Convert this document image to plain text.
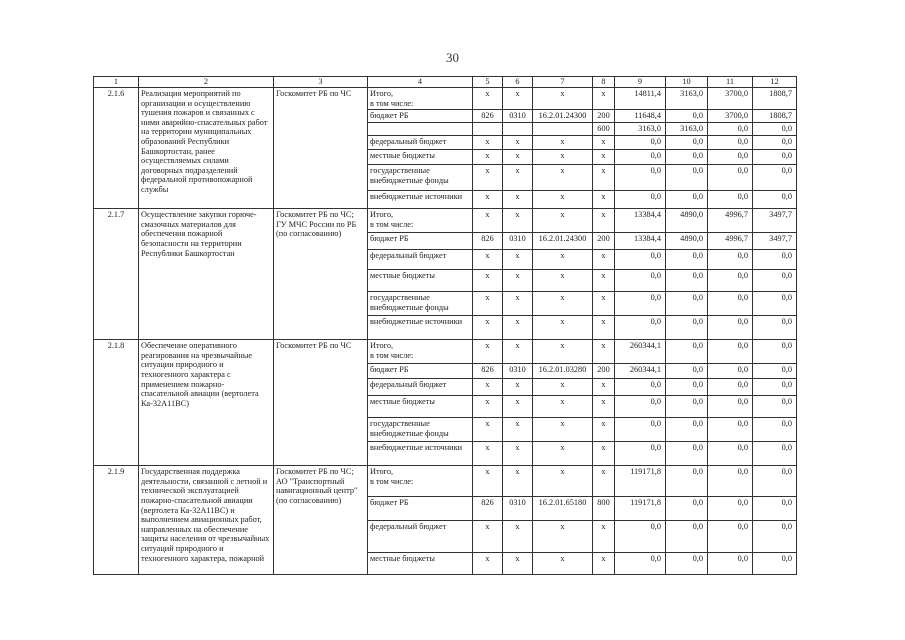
30
1	2	3	4	5	6	7	8	9	10	11	12
2.1.6	Реализация мероприятий по организации и осуществлению тушения пожаров и связанных с ними аварийно-спасательных работ на территории муниципальных образований Республики Башкортостан, ранее осуществляемых силами договорных подразделений федеральной противопожарной службы	Госкомитет РБ по ЧС	Итого,
в том числе:	х	х	х	х	14811,4	3163,0	3700,0	1808,7
			бюджет РБ	826	0310	16.2.01.24300	200	11648,4	0,0	3700,0	1808,7
							600	3163,0	3163,0	0,0	0,0
			федеральный бюджет	х	х	х	х	0,0	0,0	0,0	0,0
			местные бюджеты	х	х	х	х	0,0	0,0	0,0	0,0
			государственные внебюджетные фонды	х	х	х	х	0,0	0,0	0,0	0,0
			внебюджетные источники	х	х	х	х	0,0	0,0	0,0	0,0
2.1.7	Осуществление закупки горюче-смазочных материалов для обеспечения пожарной безопасности на территории Республики Башкортостан	Госкомитет РБ по ЧС; ГУ МЧС России по РБ (по согласованию)	Итого,
в том числе:	х	х	х	х	13384,4	4890,0	4996,7	3497,7
			бюджет РБ	826	0310	16.2.01.24300	200	13384,4	4890,0	4996,7	3497,7
			федеральный бюджет	х	х	х	х	0,0	0,0	0,0	0,0
			местные бюджеты	х	х	х	х	0,0	0,0	0,0	0,0
			государственные внебюджетные фонды	х	х	х	х	0,0	0,0	0,0	0,0
			внебюджетные источники	х	х	х	х	0,0	0,0	0,0	0,0
2.1.8	Обеспечение оперативного реагирования на чрезвычайные ситуации природного и техногенного характера с применением пожарно-спасательной авиации (вертолета Ка-32А11ВС)	Госкомитет РБ по ЧС	Итого,
в том числе:	х	х	х	х	260344,1	0,0	0,0	0,0
			бюджет РБ	826	0310	16.2.01.03280	200	260344,1	0,0	0,0	0,0
			федеральный бюджет	х	х	х	х	0,0	0,0	0,0	0,0
			местные бюджеты	х	х	х	х	0,0	0,0	0,0	0,0
			государственные внебюджетные фонды	х	х	х	х	0,0	0,0	0,0	0,0
			внебюджетные источники	х	х	х	х	0,0	0,0	0,0	0,0
2.1.9	Государственная поддержка деятельности, связанной с летной и технической эксплуатацией пожарно-спасательной авиации (вертолета Ка-32А11ВС) и выполнением авиационных работ, направленных на обеспечение защиты населения от чрезвычайных ситуаций природного и техногенного характера, пожарной	Госкомитет РБ по ЧС; АО "Транспортный навигационный центр" (по согласованию)	Итого,
в том числе:	х	х	х	х	119171,8	0,0	0,0	0,0
			бюджет РБ	826	0310	16.2.01.65180	800	119171,8	0,0	0,0	0,0
			федеральный бюджет	х	х	х	х	0,0	0,0	0,0	0,0
			местные бюджеты	х	х	х	х	0,0	0,0	0,0	0,0
